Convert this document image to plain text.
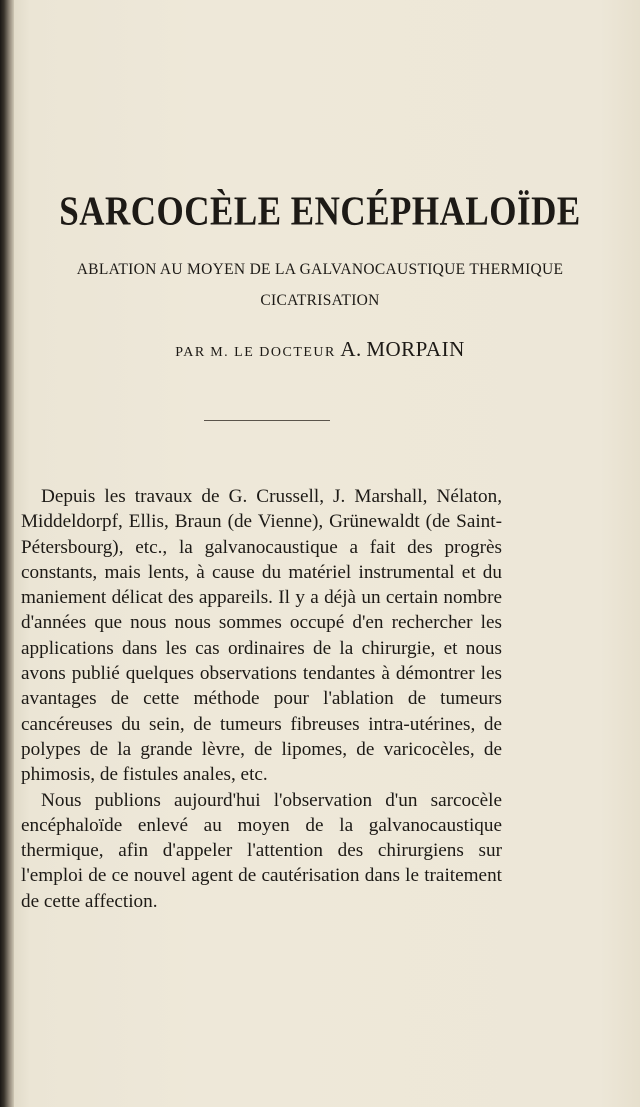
SARCOCÈLE ENCÉPHALOÏDE
ABLATION AU MOYEN DE LA GALVANOCAUSTIQUE THERMIQUE
CICATRISATION
PAR M. LE DOCTEUR A. MORPAIN

Depuis les travaux de G. Crussell, J. Marshall, Nélaton, Middeldorpf, Ellis, Braun (de Vienne), Grünewaldt (de Saint-Pétersbourg), etc., la galvanocaustique a fait des progrès constants, mais lents, à cause du matériel instrumental et du maniement délicat des appareils. Il y a déjà un certain nombre d'années que nous nous sommes occupé d'en rechercher les applications dans les cas ordinaires de la chirurgie, et nous avons publié quelques observations tendantes à démontrer les avantages de cette méthode pour l'ablation de tumeurs cancéreuses du sein, de tumeurs fibreuses intra-utérines, de polypes de la grande lèvre, de lipomes, de varicocèles, de phimosis, de fistules anales, etc.

Nous publions aujourd'hui l'observation d'un sarcocèle encéphaloïde enlevé au moyen de la galvanocaustique thermique, afin d'appeler l'attention des chirurgiens sur l'emploi de ce nouvel agent de cautérisation dans le traitement de cette affection.
